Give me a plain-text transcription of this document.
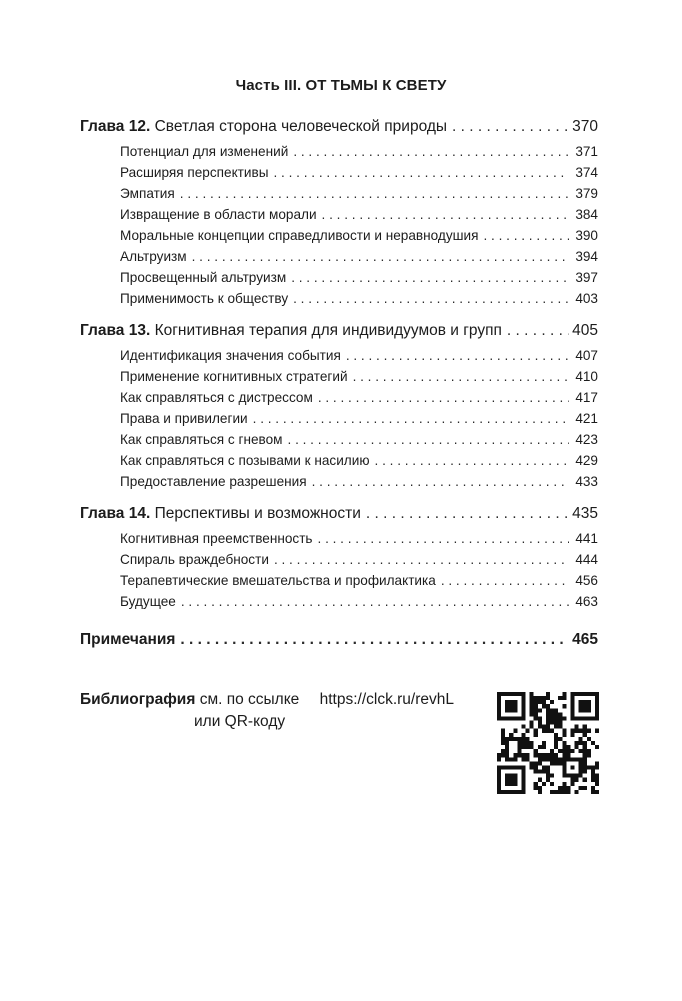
Часть III. ОТ ТЬМЫ К СВЕТУ
Глава 12. Светлая сторона человеческой природы . . .	370
Потенциал для изменений . . .	371
Расширяя перспективы . . .	374
Эмпатия . . .	379
Извращение в области морали . . .	384
Моральные концепции справедливости и неравнодушия . . .	390
Альтруизм . . .	394
Просвещенный альтруизм . . .	397
Применимость к обществу . . .	403
Глава 13. Когнитивная терапия для индивидуумов и групп . . .	405
Идентификация значения события . . .	407
Применение когнитивных стратегий . . .	410
Как справляться с дистрессом . . .	417
Права и привилегии . . .	421
Как справляться с гневом . . .	423
Как справляться с позывами к насилию . . .	429
Предоставление разрешения . . .	433
Глава 14. Перспективы и возможности . . .	435
Когнитивная преемственность . . .	441
Спираль враждебности . . .	444
Терапевтические вмешательства и профилактика . . .	456
Будущее . . .	463
Примечания . . .	465
Библиография см. по ссылке https://clck.ru/revhL
или QR-коду
